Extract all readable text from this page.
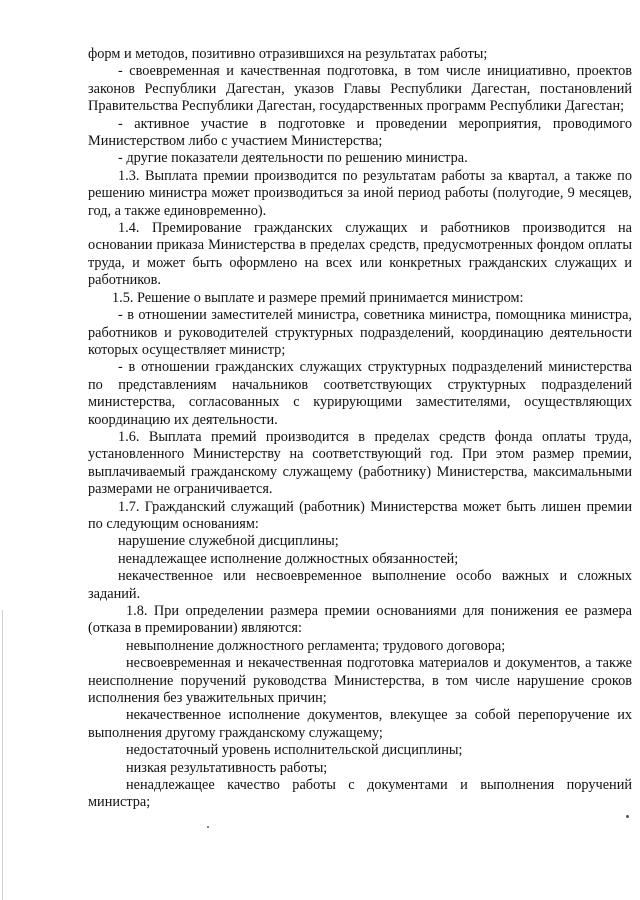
форм и методов, позитивно отразившихся на результатах работы;

- своевременная и качественная подготовка, в том числе инициативно, проектов законов Республики Дагестан, указов Главы Республики Дагестан, постановлений Правительства Республики Дагестан, государственных программ Республики Дагестан;

- активное участие в подготовке и проведении мероприятия, проводимого Министерством либо с участием Министерства;

- другие показатели деятельности по решению министра.

1.3. Выплата премии производится по результатам работы за квартал, а также по решению министра может производиться за иной период работы (полугодие, 9 месяцев, год, а также единовременно).

1.4. Премирование гражданских служащих и работников производится на основании приказа Министерства в пределах средств, предусмотренных фондом оплаты труда, и может быть оформлено на всех или конкретных гражданских служащих и работников.

1.5. Решение о выплате и размере премий принимается министром:

- в отношении заместителей министра, советника министра, помощника министра, работников и руководителей структурных подразделений, координацию деятельности которых осуществляет министр;

- в отношении гражданских служащих структурных подразделений министерства по представлениям начальников соответствующих структурных подразделений министерства, согласованных с курирующими заместителями, осуществляющих координацию их деятельности.

1.6. Выплата премий производится в пределах средств фонда оплаты труда, установленного Министерству на соответствующий год. При этом размер премии, выплачиваемый гражданскому служащему (работнику) Министерства, максимальными размерами не ограничивается.

1.7. Гражданский служащий (работник) Министерства может быть лишен премии по следующим основаниям:

нарушение служебной дисциплины;

ненадлежащее исполнение должностных обязанностей;

некачественное или несвоевременное выполнение особо важных и сложных заданий.

1.8. При определении размера премии основаниями для понижения ее размера (отказа в премировании) являются:

невыполнение должностного регламента; трудового договора;

несвоевременная и некачественная подготовка материалов и документов, а также неисполнение поручений руководства Министерства, в том числе нарушение сроков исполнения без уважительных причин;

некачественное исполнение документов, влекущее за собой перепоручение их выполнения другому гражданскому служащему;

недостаточный уровень исполнительской дисциплины;

низкая результативность работы;

ненадлежащее качество работы с документами и выполнения поручений министра;
